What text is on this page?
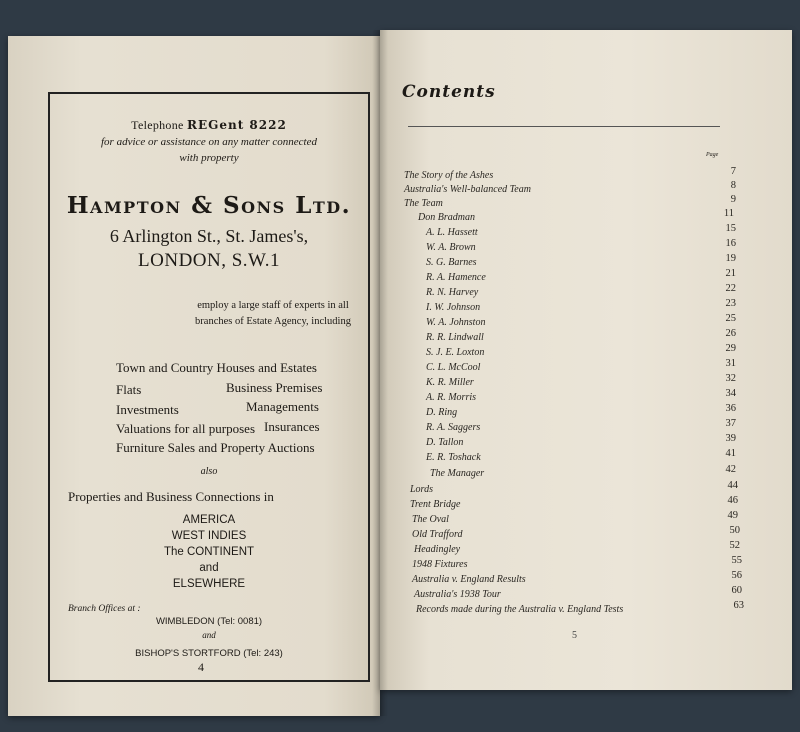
Telephone REGent 8222
for advice or assistance on any matter connected
with property
Hampton & Sons Ltd.
6 Arlington St., St. James's,
LONDON, S.W.1
employ a large staff of experts in all
branches of Estate Agency, including
Town and Country Houses and Estates
Flats	Business Premises
Investments	Managements
Valuations for all purposes Insurances
Furniture Sales and Property Auctions
also
Properties and Business Connections in
AMERICA
WEST INDIES
The CONTINENT
and
ELSEWHERE
Branch Offices at :
WIMBLEDON (Tel: 0081)
and
BISHOP'S STORTFORD (Tel: 243)
4
Contents
Page
The Story of the Ashes	7
Australia's Well-balanced Team	8
The Team	9
Don Bradman	11
A. L. Hassett	15
W. A. Brown	16
S. G. Barnes	19
R. A. Hamence	21
R. N. Harvey	22
I. W. Johnson	23
W. A. Johnston	25
R. R. Lindwall	26
S. J. E. Loxton	29
C. L. McCool	31
K. R. Miller	32
A. R. Morris	34
D. Ring	36
R. A. Saggers	37
D. Tallon	39
E. R. Toshack	41
The Manager	42
Lords	44
Trent Bridge	46
The Oval	49
Old Trafford	50
Headingley	52
1948 Fixtures	55
Australia v. England Results	56
Australia's 1938 Tour	60
Records made during the Australia v. England Tests	63
5
